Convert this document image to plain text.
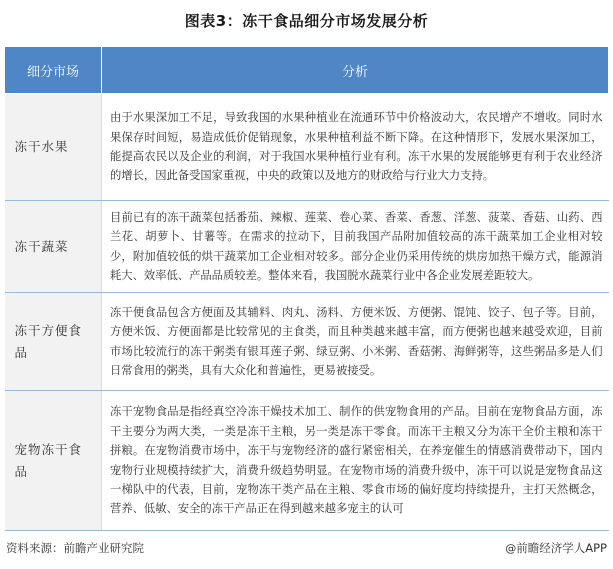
图表3：冻干食品细分市场发展分析
细分市场	分析
冻干水果	由于水果深加工不足，导致我国的水果种植业在流通环节中价格波动大，农民增产不增收。同时水果保存时间短，易造成低价促销现象，水果种植利益不断下降。在这种情形下，发展水果深加工，能提高农民以及企业的利润，对于我国水果种植行业有利。冻干水果的发展能够更有利于农业经济的增长，因此备受国家重视，中央的政策以及地方的财政给与行业大力支持。
冻干蔬菜	目前已有的冻干蔬菜包括番茄、辣椒、莲菜、卷心菜、香菜、香葱、洋葱、菠菜、香菇、山药、西兰花、胡萝卜、甘薯等。在需求的拉动下，目前我国产品附加值较高的冻干蔬菜加工企业相对较少，附加值较低的烘干蔬菜加工企业相对较多。部分企业仍采用传统的烘房加热干燥方式，能源消耗大、效率低、产品品质较差。整体来看，我国脱水蔬菜行业中各企业发展差距较大。
冻干方便食品	冻干便食品包含方便面及其辅料、肉丸、汤料、方便米饭、方便粥、馄饨、饺子、包子等。目前，方便米饭、方便面都是比较常见的主食类，而且种类越来越丰富，而方便粥也越来越受欢迎，目前市场比较流行的冻干粥类有银耳莲子粥、绿豆粥、小米粥、香菇粥、海鲜粥等，这些粥品多是人们日常食用的粥类，具有大众化和普遍性，更易被接受。
宠物冻干食品	冻干宠物食品是指经真空冷冻干燥技术加工、制作的供宠物食用的产品。目前在宠物食品方面，冻干主要分为两大类，一类是冻干主粮，另一类是冻干零食。而冻干主粮又分为冻干全价主粮和冻干拼粮。在宠物消费市场中，冻干与宠物经济的盛行紧密相关，在养宠催生的情感消费带动下，国内宠物行业规模持续扩大，消费升级趋势明显。在宠物市场的消费升级中，冻干可以说是宠物食品这一梯队中的代表，目前，宠物冻干类产品在主粮、零食市场的偏好度均持续提升，主打天然概念，营养、低敏、安全的冻干产品正在得到越来越多宠主的认可
资料来源：前瞻产业研究院	@前瞻经济学人APP
